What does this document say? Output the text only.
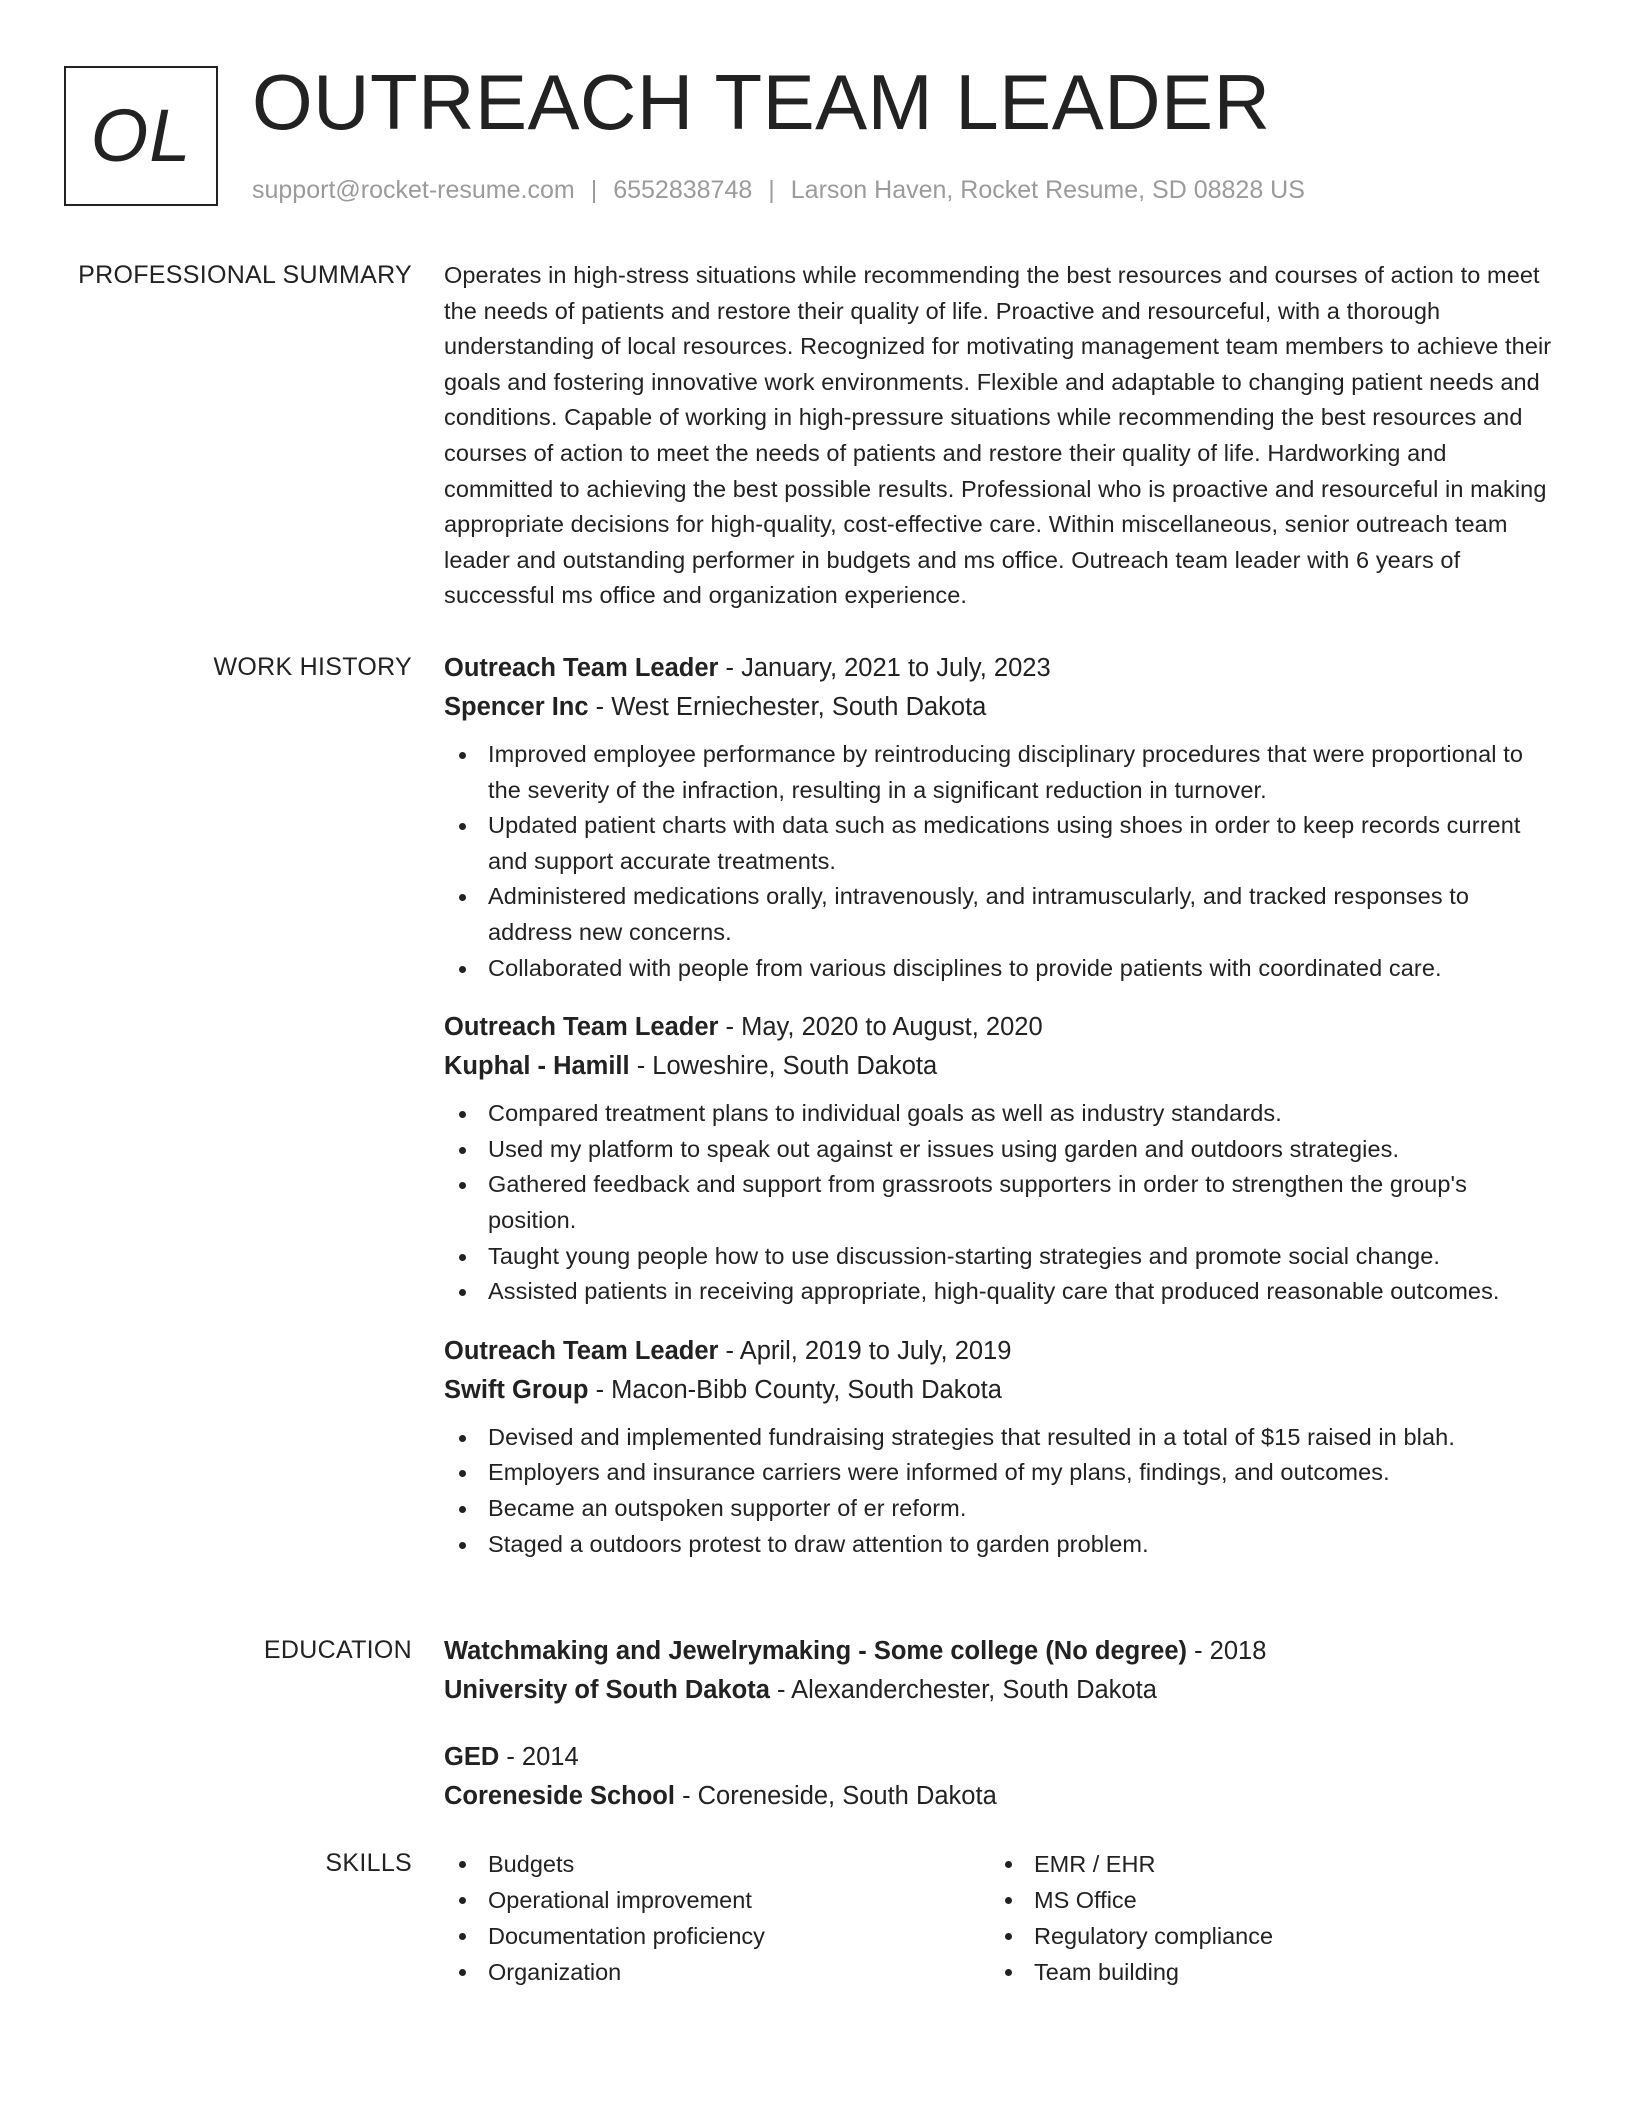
OL OUTREACH TEAM LEADER
support@rocket-resume.com | 6552838748 | Larson Haven, Rocket Resume, SD 08828 US
PROFESSIONAL SUMMARY Operates in high-stress situations while recommending the best resources and courses of action to meet the needs of patients and restore their quality of life. Proactive and resourceful, with a thorough understanding of local resources. Recognized for motivating management team members to achieve their goals and fostering innovative work environments. Flexible and adaptable to changing patient needs and conditions. Capable of working in high-pressure situations while recommending the best resources and courses of action to meet the needs of patients and restore their quality of life. Hardworking and committed to achieving the best possible results. Professional who is proactive and resourceful in making appropriate decisions for high-quality, cost-effective care. Within miscellaneous, senior outreach team leader and outstanding performer in budgets and ms office. Outreach team leader with 6 years of successful ms office and organization experience.

WORK HISTORY Outreach Team Leader - January, 2021 to July, 2023
Spencer Inc - West Erniechester, South Dakota
Improved employee performance by reintroducing disciplinary procedures that were proportional to the severity of the infraction, resulting in a significant reduction in turnover.
Updated patient charts with data such as medications using shoes in order to keep records current and support accurate treatments.
Administered medications orally, intravenously, and intramuscularly, and tracked responses to address new concerns.
Collaborated with people from various disciplines to provide patients with coordinated care.
Outreach Team Leader - May, 2020 to August, 2020
Kuphal - Hamill - Loweshire, South Dakota
Compared treatment plans to individual goals as well as industry standards.
Used my platform to speak out against er issues using garden and outdoors strategies.
Gathered feedback and support from grassroots supporters in order to strengthen the group's position.
Taught young people how to use discussion-starting strategies and promote social change.
Assisted patients in receiving appropriate, high-quality care that produced reasonable outcomes.
Outreach Team Leader - April, 2019 to July, 2019
Swift Group - Macon-Bibb County, South Dakota
Devised and implemented fundraising strategies that resulted in a total of $15 raised in blah.
Employers and insurance carriers were informed of my plans, findings, and outcomes.
Became an outspoken supporter of er reform.
Staged a outdoors protest to draw attention to garden problem.
EDUCATION Watchmaking and Jewelrymaking - Some college (No degree) - 2018
University of South Dakota - Alexanderchester, South Dakota
GED - 2014
Coreneside School - Coreneside, South Dakota
SKILLS	Budgets
Operational improvement
Documentation proficiency
Organization
EMR / EHR
MS Office
Regulatory compliance
Team building
